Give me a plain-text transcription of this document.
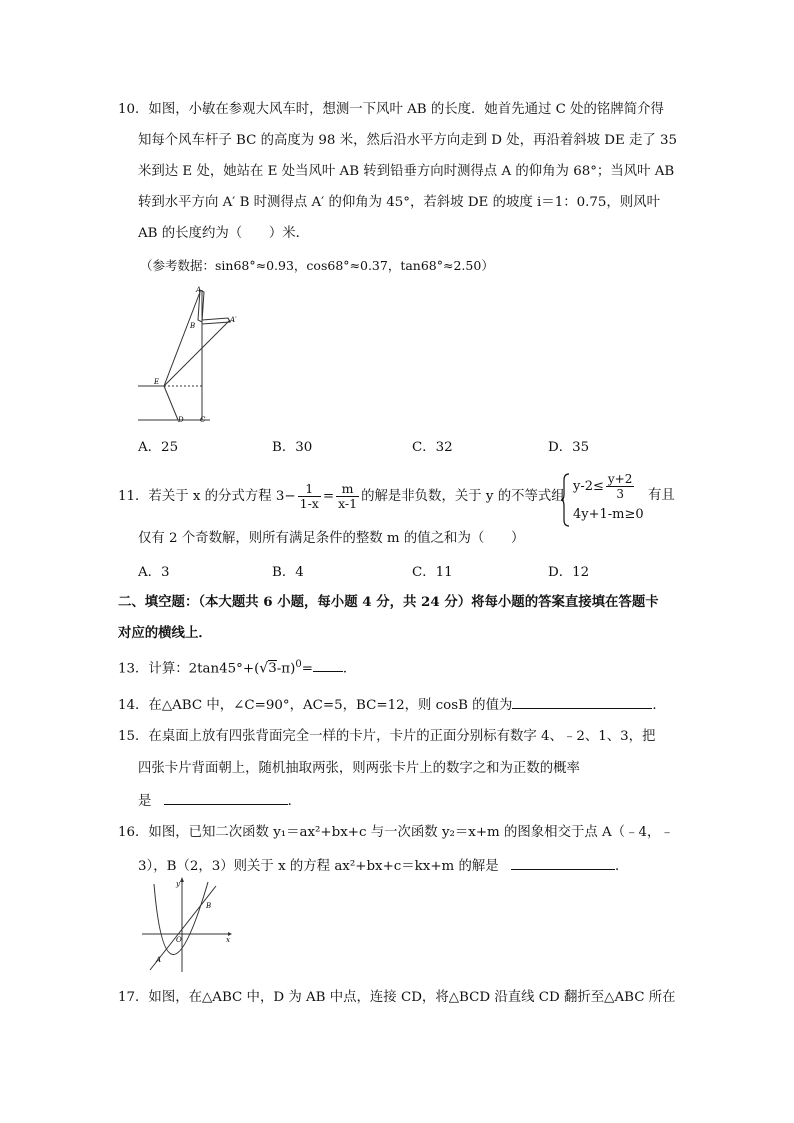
10．如图，小敏在参观大风车时，想测一下风叶 AB 的长度．她首先通过 C 处的铭牌简介得
知每个风车杆子 BC 的高度为 98 米，然后沿水平方向走到 D 处，再沿着斜坡 DE 走了 35
米到达 E 处，她站在 E 处当风叶 AB 转到铅垂方向时测得点 A 的仰角为 68°；当风叶 AB
转到水平方向 A′ B 时测得点 A′ 的仰角为 45°，若斜坡 DE 的坡度 i＝1：0.75，则风叶
AB 的长度约为（　　）米．
（参考数据：sin68°≈0.93，cos68°≈0.37，tan68°≈2.50）
A
A′
B
E
D C
A．25	B．30	C．32	D．35
11．若关于 x 的分式方程 $3- \frac{1}{1-x} = \frac{m}{x-1}$ 的解是非负数，关于 y 的不等式组
$y-2\le \frac{y+2}{3}$
4y+1-m≥0
有且
仅有 2 个奇数解，则所有满足条件的整数 m 的值之和为（　　）
A．3	B．4	C．11	D．12
二、填空题：（本大题共 6 小题，每小题 4 分，共 24 分）将每小题的答案直接填在答题卡
对应的横线上．
13．计算：$2\tan 45^\circ+(√3-\pi)^0=$ ．
14．在△ABC 中，∠C=90°，AC=5，BC=12，则 cosB 的值为	．
15．在桌面上放有四张背面完全一样的卡片，卡片的正面分别标有数字 4、﹣2、1、3，把
四张卡片背面朝上，随机抽取两张，则两张卡片上的数字之和为正数的概率
是	．
16．如图，已知二次函数 y₁＝ax²+bx+c 与一次函数 y₂＝x+m 的图象相交于点 A（﹣4，﹣
3），B（2，3）则关于 x 的方程 ax²+bx+c＝kx+m 的解是	．
y
x
O
A
B
17．如图，在△ABC 中，D 为 AB 中点，连接 CD，将△BCD 沿直线 CD 翻折至△ABC 所在
